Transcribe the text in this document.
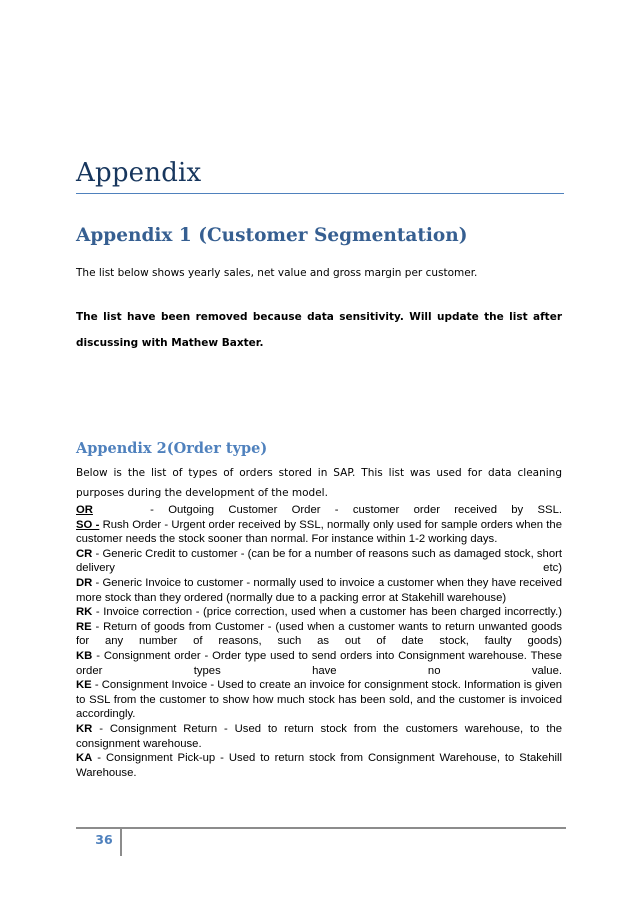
Appendix
Appendix 1 (Customer Segmentation)

The list below shows yearly sales, net value and gross margin per customer.

The list have been removed because data sensitivity. Will update the list after discussing with Mathew Baxter.

Appendix 2(Order type)

Below is the list of types of orders stored in SAP. This list was used for data cleaning purposes during the development of the model.

OR	- Outgoing Customer Order - customer order received by SSL.

SO - Rush Order - Urgent order received by SSL, normally only used for sample orders when the customer needs the stock sooner than normal. For instance within 1-2 working days.

CR - Generic Credit to customer - (can be for a number of reasons such as damaged stock, short delivery etc)

DR - Generic Invoice to customer - normally used to invoice a customer when they have received more stock than they ordered (normally due to a packing error at Stakehill warehouse)

RK - Invoice correction - (price correction, used when a customer has been charged incorrectly.)

RE - Return of goods from Customer - (used when a customer wants to return unwanted goods for any number of reasons, such as out of date stock, faulty goods)

KB - Consignment order - Order type used to send orders into Consignment warehouse. These order types have no value.

KE - Consignment Invoice - Used to create an invoice for consignment stock. Information is given to SSL from the customer to show how much stock has been sold, and the customer is invoiced accordingly.

KR - Consignment Return - Used to return stock from the customers warehouse, to the consignment warehouse.

KA - Consignment Pick-up - Used to return stock from Consignment Warehouse, to Stakehill Warehouse.

36
